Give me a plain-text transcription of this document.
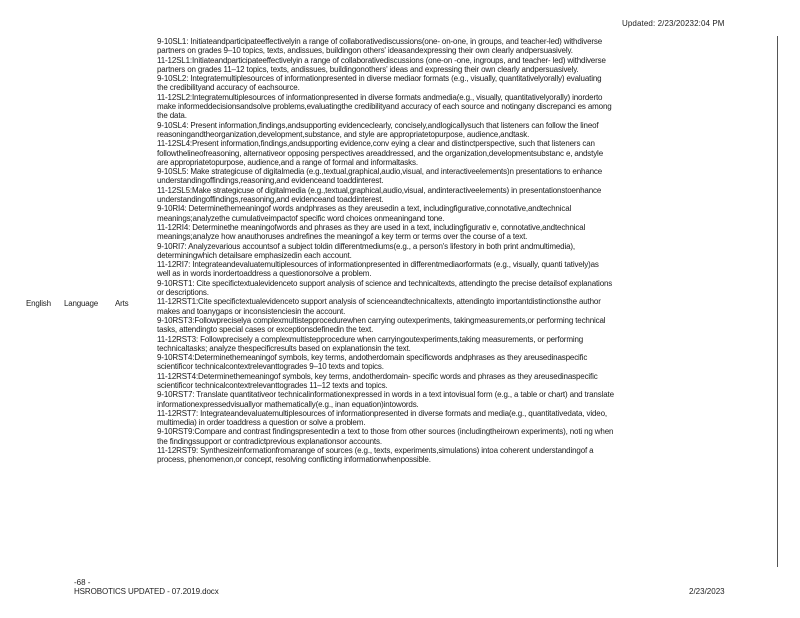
Updated: 2/23/20232:04 PM
English Language Arts
9-10SL1: Initiateandparticipateeffectivelyin a range of collaborativediscussions(one- on-one, in groups, and teacher-led) withdiverse
partners on grades 9–10 topics, texts, andissues, buildingon others' ideasandexpressing their own clearly andpersuasively.
11-12SL1:Initiateandparticipateeffectivelyin a range of collaborativediscussions (one-on -one, ingroups, and teacher- led) withdiverse
partners on grades 11–12 topics, texts, andissues, buildingonothers' ideas and expressing their own clearly andpersuasively.
9-10SL2: Integratemultiplesources of informationpresented in diverse mediaor formats (e.g., visually, quantitativelyorally) evaluating
the credibilityand accuracy of eachsource.
11-12SL2:Integratemultiplesources of informationpresented in diverse formats andmedia(e.g., visually, quantitativelyorally) inorderto
make informeddecisionsandsolve problems,evaluatingthe credibilityand accuracy of each source and notingany discrepanci es among
the data.
9-10SL4: Present information,findings,andsupporting evidenceclearly, concisely,andlogicallysuch that listeners can follow the lineof
reasoningandtheorganization,development,substance, and style are appropriatetopurpose, audience,andtask.
11-12SL4:Present information,findings,andsupporting evidence,conv eying a clear and distinctperspective, such that listeners can
followthelineofreasoning, alternativeor opposing perspectives areaddressed, and the organization,developmentsubstanc e, andstyle
are appropriatetopurpose, audience,and a range of formal and informaltasks.
9-10SL5: Make strategicuse of digitalmedia (e.g.,textual,graphical,audio,visual, and interactiveelements)n presentations to enhance
understandingoffindings,reasoning,and evidenceand toaddinterest.
11-12SL5:Make strategicuse of digitalmedia (e.g.,textual,graphical,audio,visual, andinteractiveelements) in presentationstoenhance
understandingoffindings,reasoning,and evidenceand toaddinterest.
9-10RI4: Determinethemeaningof words andphrases as they areusedin a text, includingfigurative,connotative,andtechnical
meanings;analyzethe cumulativeimpactof specific word choices onmeaningand tone.
11-12RI4: Determinethe meaningofwords and phrases as they are used in a text, includingfigurativ e, connotative,andtechnical
meanings;analyze how anauthoruses andrefines the meaningof a key term or terms over the course of a text.
9-10RI7: Analyzevarious accountsof a subject toldin differentmediums(e.g., a person's lifestory in both print andmultimedia),
determiningwhich detailsare emphasizedin each account.
11-12RI7: Integrateandevaluatemultiplesources of informationpresented in differentmediaorformats (e.g., visually, quanti tatively)as
well as in words inordertoaddress a questionorsolve a problem.
9-10RST1: Cite specifictextualevidenceto support analysis of science and technicaltexts, attendingto the precise detailsof explanations
or descriptions.
11-12RST1:Cite specifictextualevidenceto support analysis of scienceandtechnicaltexts, attendingto importantdistinctionsthe author
makes and toanygaps or inconsistenciesin the account.
9-10RST3:Followpreciselya complexmultistepprocedurewhen carrying outexperiments, takingmeasurements,or performing technical
tasks, attendingto special cases or exceptionsdefinedin the text.
11-12RST3: Followprecisely a complexmultistepprocedure when carryingoutexperiments,taking measurements, or performing
technicaltasks; analyze thespecificresults based on explanationsin the text.
9-10RST4:Determinethemeaningof symbols, key terms, andotherdomain specificwords andphrases as they areusedinaspecific
scientificor technicalcontextrelevanttogrades 9–10 texts and topics.
11-12RST4:Determinethemeaningof symbols, key terms, andotherdomain- specific words and phrases as they areusedinaspecific
scientificor technicalcontextrelevanttogrades 11–12 texts and topics.
9-10RST7: Translate quantitativeor technicalinformationexpressed in words in a text intovisual form (e.g., a table or chart) and translate
informationexpressedvisuallyor mathematically(e.g., inan equation)intowords.
11-12RST7: Integrateandevaluatemultiplesources of informationpresented in diverse formats and media(e.g., quantitativedata, video,
multimedia) in order toaddress a question or solve a problem.
9-10RST9:Compare and contrast findingspresentedin a text to those from other sources (includingtheirown experiments), noti ng when
the findingssupport or contradictprevious explanationsor accounts.
11-12RST9: Synthesizeinformationfromarange of sources (e.g., texts, experiments,simulations) intoa coherent understandingof a
process, phenomenon,or concept, resolving conflicting informationwhenpossible.
-68 -
HSROBOTICS UPDATED - 07.2019.docx	2/23/2023
